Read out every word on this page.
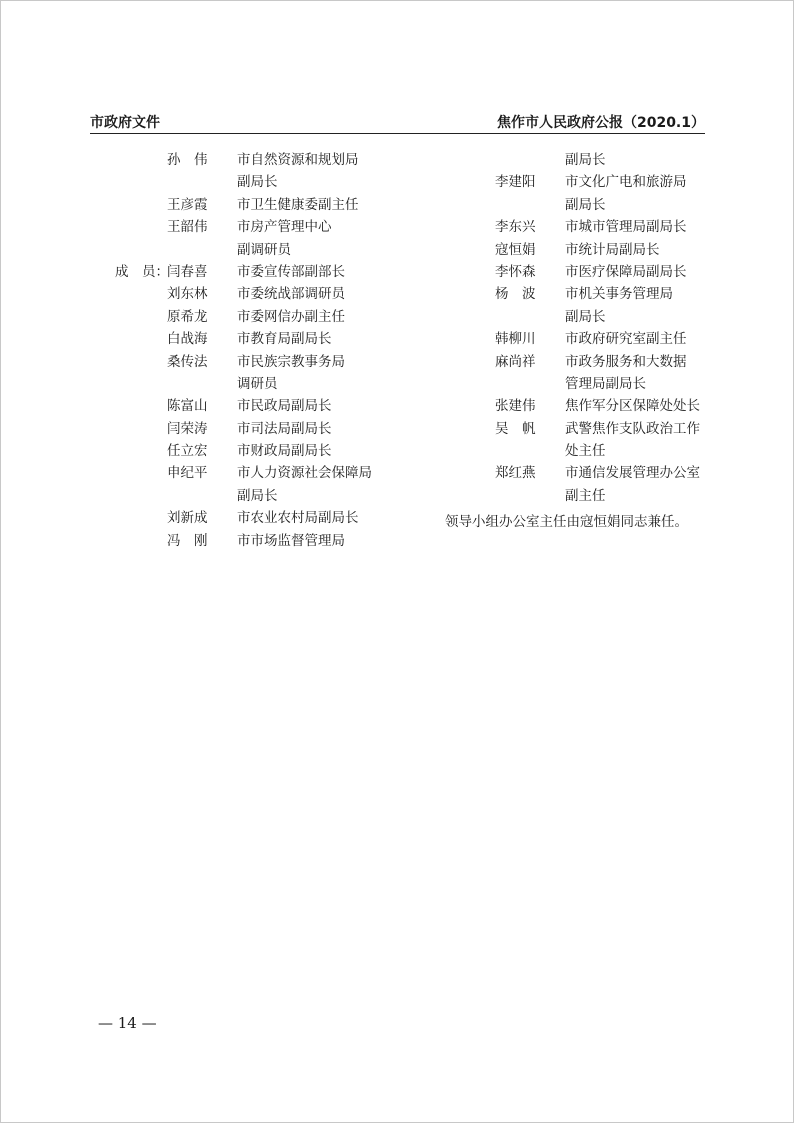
市政府文件	焦作市人民政府公报（2020.1）
孙　伟 市自然资源和规划局
副局长
王彦霞 市卫生健康委副主任
王韶伟 市房产管理中心
副调研员
成　员：
闫春喜 市委宣传部副部长
刘东林 市委统战部调研员
原希龙 市委网信办副主任
白战海 市教育局副局长
桑传法 市民族宗教事务局
调研员
陈富山 市民政局副局长
闫荣涛 市司法局副局长
任立宏 市财政局副局长
申纪平 市人力资源社会保障局
副局长
刘新成 市农业农村局副局长
冯　刚 市市场监督管理局
副局长
李建阳 市文化广电和旅游局
副局长
李东兴 市城市管理局副局长
寇恒娟 市统计局副局长
李怀森 市医疗保障局副局长
杨　波 市机关事务管理局
副局长
韩柳川 市政府研究室副主任
麻尚祥 市政务服务和大数据
管理局副局长
张建伟 焦作军分区保障处处长
吴　帆 武警焦作支队政治工作
处主任
郑红燕 市通信发展管理办公室
副主任
领导小组办公室主任由寇恒娟同志兼任。
— 14 —
